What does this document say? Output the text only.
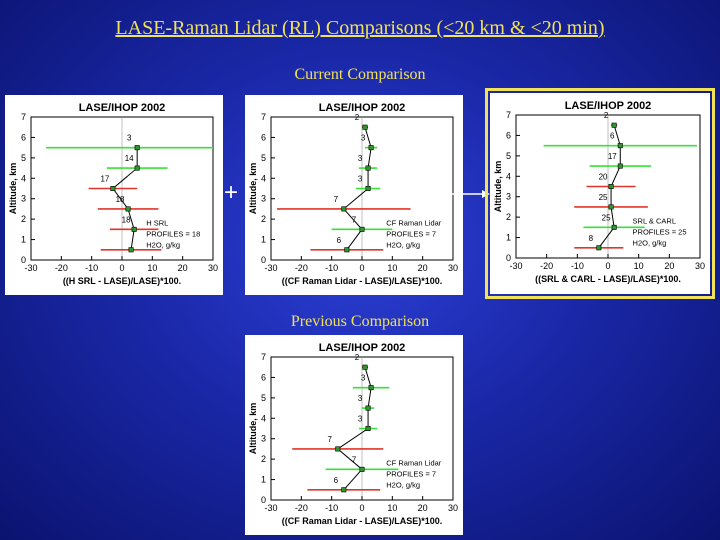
LASE-Raman Lidar (RL) Comparisons (<20 km & <20 min)
Current Comparison
Previous Comparison
LASE/IHOP 2002
-30 -20 -10 0	10 20 30
0
1
2
3
4
5
6
7
((H SRL - LASE)/LASE)*100.
Altitude, km
3
14
17
18
18 H SRL
PROFILES = 18
H2O, g/kg
+
LASE/IHOP 2002
-30 -20 -10 0	10 20 30
0
1
2
3
4
5
6
7
((CF Raman Lidar - LASE)/LASE)*100.
Altitude, km
2
3
3
3
7
7
6
CF Raman Lidar
PROFILES = 7
H2O, g/kg
LASE/IHOP 2002
-30 -20 -10 0	10 20 30
0
1
2
3
4
5
6
7
((SRL & CARL - LASE)/LASE)*100.
Altitude, km
2
6
17
20
25
25
8
SRL & CARL
PROFILES = 25
H2O, g/kg
LASE/IHOP 2002
-30 -20 -10 0	10 20 30
0
1
2
3
4
5
6
7
((CF Raman Lidar - LASE)/LASE)*100.
Altitude, km
2
3
3
3
7
7
6
CF Raman Lidar
PROFILES = 7
H2O, g/kg
